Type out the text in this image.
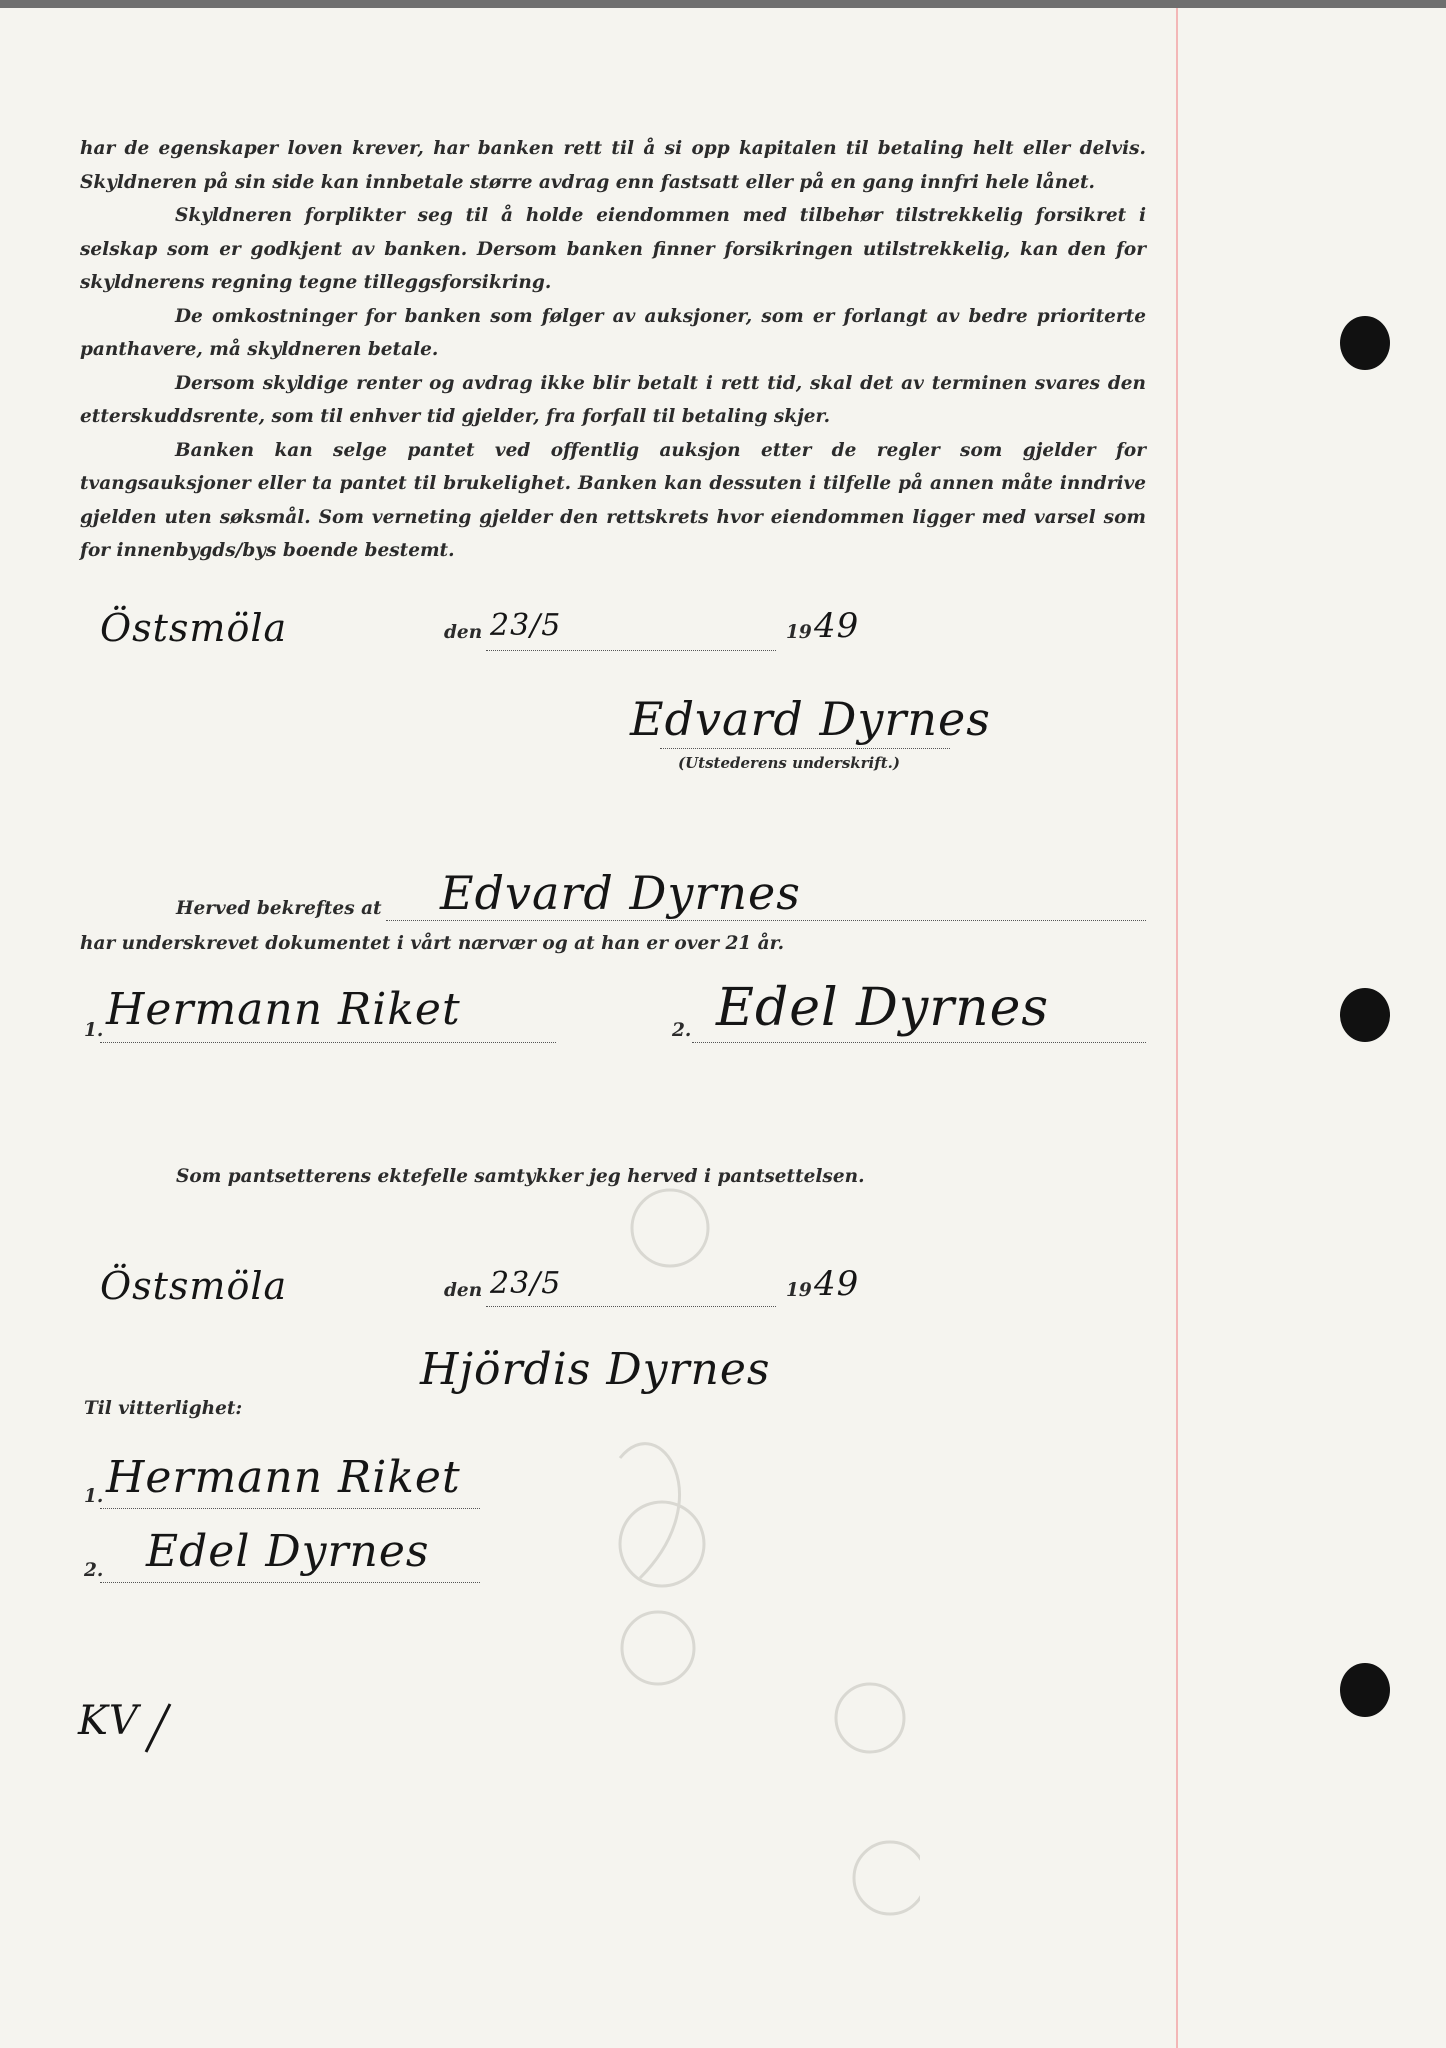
har de egenskaper loven krever, har banken rett til å si opp kapitalen til betaling helt eller delvis. Skyldneren på sin side kan innbetale større avdrag enn fastsatt eller på en gang innfri hele lånet.

Skyldneren forplikter seg til å holde eiendommen med tilbehør tilstrekkelig forsikret i selskap som er godkjent av banken. Dersom banken finner forsikringen utilstrekkelig, kan den for skyldnerens regning tegne tilleggsforsikring.

De omkostninger for banken som følger av auksjoner, som er forlangt av bedre prioriterte panthavere, må skyldneren betale.

Dersom skyldige renter og avdrag ikke blir betalt i rett tid, skal det av terminen svares den etterskuddsrente, som til enhver tid gjelder, fra forfall til betaling skjer.

Banken kan selge pantet ved offentlig auksjon etter de regler som gjelder for tvangsauksjoner eller ta pantet til brukelighet. Banken kan dessuten i tilfelle på annen måte inndrive gjelden uten søksmål. Som verneting gjelder den rettskrets hvor eiendommen ligger med varsel som for innenbygds/bys boende bestemt.

Östsmöla	den 23/5	19 49
Edvard Dyrnes
(Utstederens underskrift.)
Herved bekreftes at Edvard Dyrnes
har underskrevet dokumentet i vårt nærvær og at han er over 21 år.
1. Hermann Riket	2. Edel Dyrnes
Som pantsetterens ektefelle samtykker jeg herved i pantsettelsen.
Östsmöla	den 23/5	19 49
Hjördis Dyrnes
Til vitterlighet:
1. Hermann Riket
2. Edel Dyrnes
KV
